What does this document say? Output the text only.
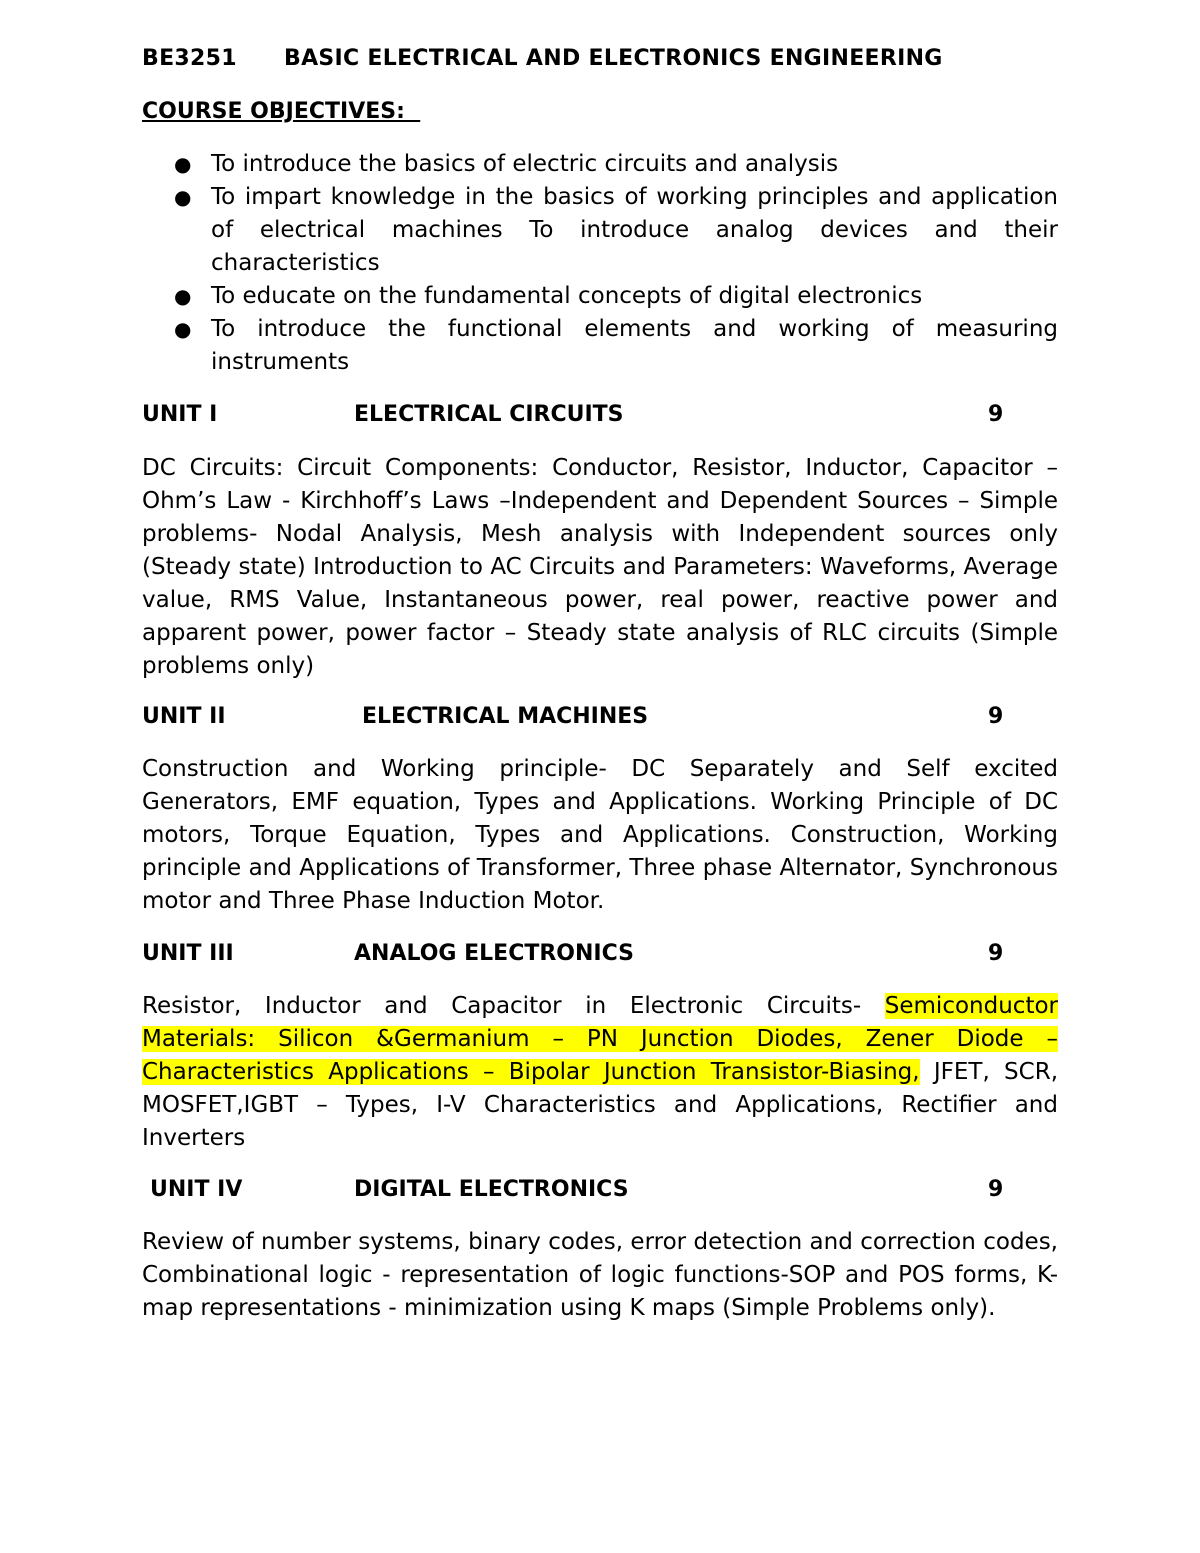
BE3251 BASIC ELECTRICAL AND ELECTRONICS ENGINEERING
COURSE OBJECTIVES:
● To introduce the basics of electric circuits and analysis
● To impart knowledge in the basics of working principles and application of electrical machines To introduce analog devices and their characteristics
● To educate on the fundamental concepts of digital electronics
● To introduce the functional elements and working of measuring instruments
UNIT I	ELECTRICAL CIRCUITS	9
DC Circuits: Circuit Components: Conductor, Resistor, Inductor, Capacitor – Ohm’s Law - Kirchhoff’s Laws –Independent and Dependent Sources – Simple problems- Nodal Analysis, Mesh analysis with Independent sources only (Steady state) Introduction to AC Circuits and Parameters: Waveforms, Average value, RMS Value, Instantaneous power, real power, reactive power and apparent power, power factor – Steady state analysis of RLC circuits (Simple problems only)
UNIT II	ELECTRICAL MACHINES	9
Construction and Working principle- DC Separately and Self excited Generators, EMF equation, Types and Applications. Working Principle of DC motors, Torque Equation, Types and Applications. Construction, Working principle and Applications of Transformer, Three phase Alternator, Synchronous motor and Three Phase Induction Motor.
UNIT III	ANALOG ELECTRONICS	9
Resistor, Inductor and Capacitor in Electronic Circuits- Semiconductor Materials: Silicon &Germanium – PN Junction Diodes, Zener Diode – Characteristics Applications – Bipolar Junction Transistor-Biasing, JFET, SCR, MOSFET,IGBT – Types, I-V Characteristics and Applications, Rectifier and Inverters
UNIT IV	DIGITAL ELECTRONICS	9
Review of number systems, binary codes, error detection and correction codes, Combinational logic - representation of logic functions-SOP and POS forms, K-map representations - minimization using K maps (Simple Problems only).
